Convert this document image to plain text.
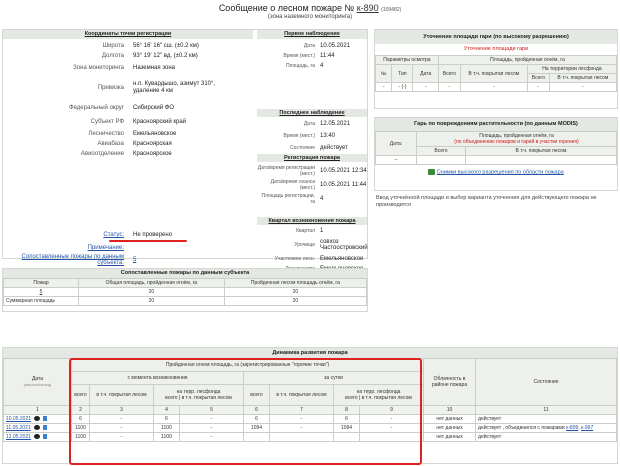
Сообщение о лесном пожаре № к-890 (109482)
(зона наземного мониторинга)
Координаты точки регистрации	Первое наблюдение
Широта 56° 16' 16" сш. (±0.2 км)
Долгота 93° 19' 12" вд. (±0.2 км)
Зона мониторинга Наземная зона
Привязка
н.п. Кувардышо, азимут 310°, удаление 4 км
Федеральный округ Сибирский ФО
Субъект РФ Красноярский край
Лесничество Емельяновское
Авиабаза Красноярская
Авиоотделение Красноярское
Дата 10.05.2021
Время (мест.) 11:44
Площадь, га 4
Последнее наблюдение
Дата 12.05.2021
Время (мест.) 13:40
Состояние действует
Регистрация пожара
Дата/время регистрации (мест.) 10.05.2021 12:34
Дата/время сеанса (мест.) 10.05.2021 11:44
Площадь регистрации, га 4
Квартал возникновения пожара
Квартал 1
Урочище совхоз Частоостровский
Участковое лесн. Емельяновское
Статус: Не проверено
Примечание:
Сопоставленные пожары по данным субъекта: 5
Сопоставленные пожары по данным субъекта
Пожар	Общая площадь, пройденная огнём, га	Пройденная лесом площадь огнём, га
5	20	20
Суммарная площадь	20	20
Уточнение площади гари (по высокому разрешению)
Уточнение площади гари
Параметры осмотра			Площадь, пройденная огнём, га			
№	Тип	Дата	Всего	В т.ч. покрытая лесом	На территории лесфонда	
					Всего	В т.ч. покрытая лесом
-	- (-)	-	-	-	-	-
Гарь по повреждениям растительности (по данным MODIS)
Дата:	Площадь, пройденная огнём, га
(по объединению пожаров и гарей в участки горения)	
	Всего	В т.ч. покрытая лесом
--		
Снимки высокого разрешения по области пожара
Ввод уточнённой площади и выбор варианта уточнения для действующего пожара не производится
Динамика развития пожара
Дата
(начало/конец)	Пройденная огнем площадь, га (зарегистрированные "горячие точки")								Облачность в районе пожара	Состояние
	с момента возникновения				за сутки					
	всего	в т.ч. покрытая лесом	на терр. лесфонда
всего | в т.ч. покрытая лесом		всего	в т.ч. покрытая лесом	на терр. лесфонда
всего | в т.ч. покрытая лесом			
1	2	3	4	5	6	7	8	9	10	11
10.05.2021	6	-	6	-	6	-	6	-	нет данных	действует
11.05.2021	1100	-	1100	-	1094	-	1094	-	нет данных	действует , объединился с пожарами к-899, к-997
12.05.2021	1100	-	1100	-					нет данных	действует
